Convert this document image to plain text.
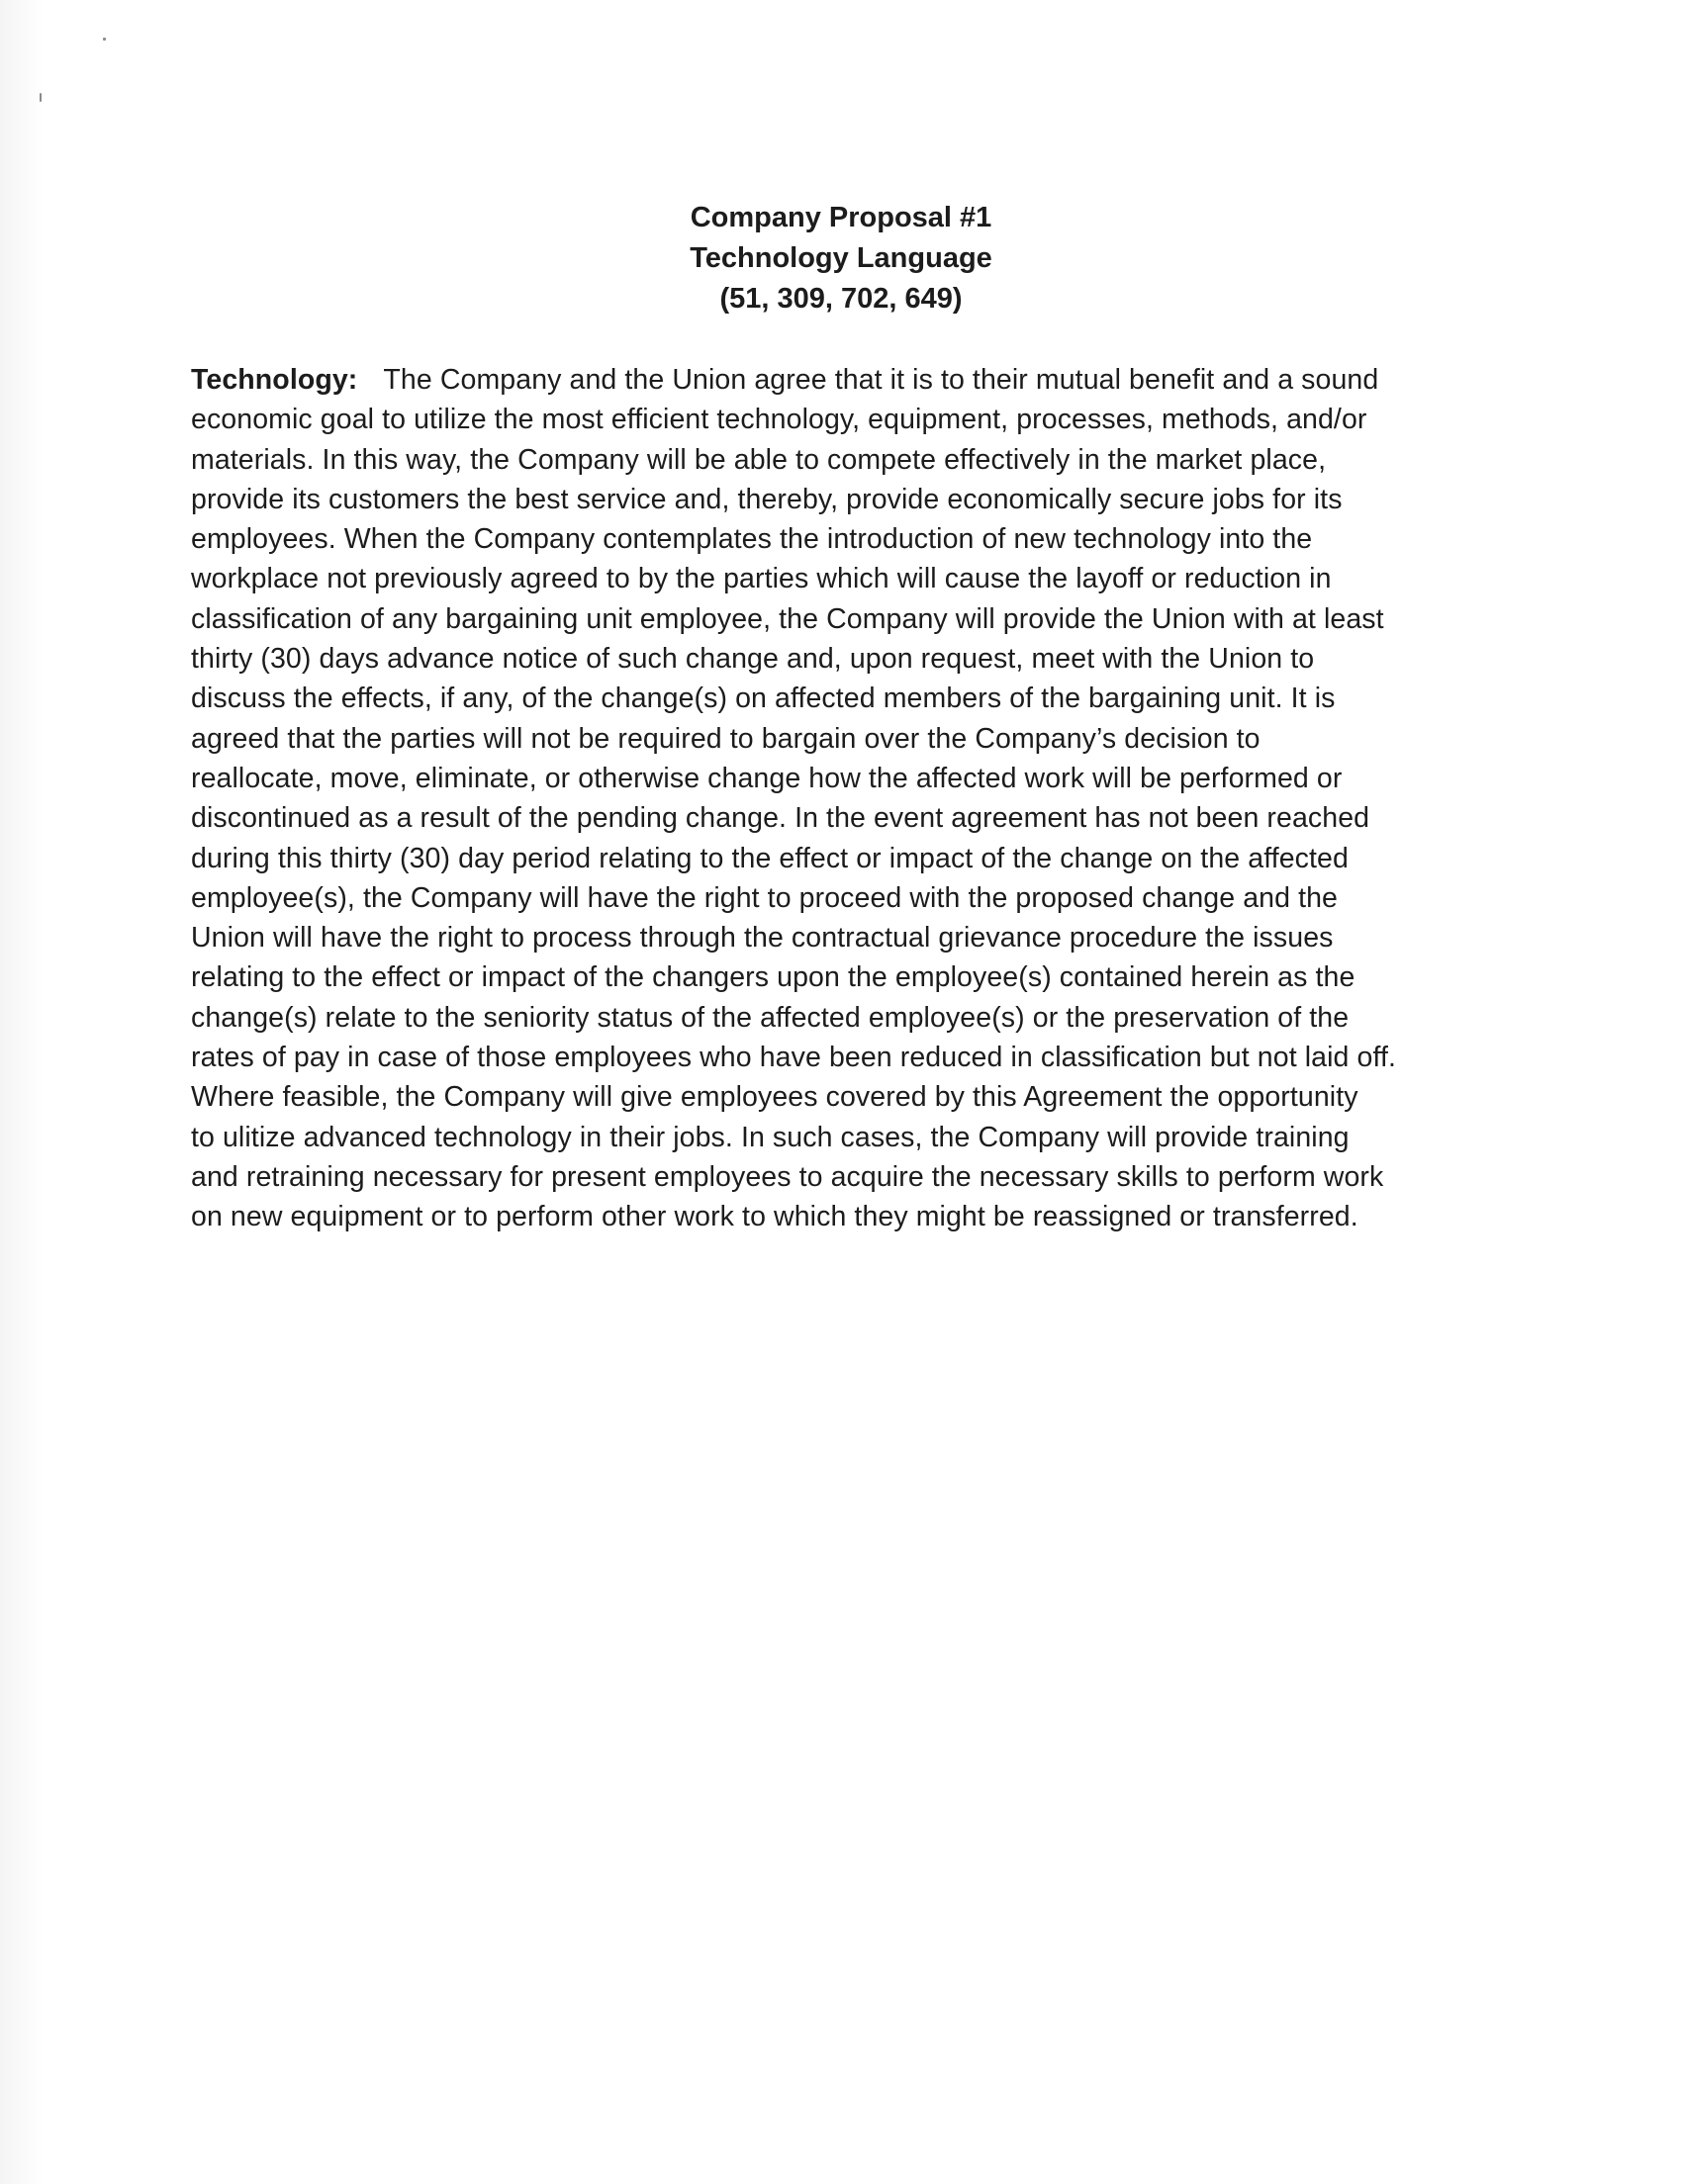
Company Proposal #1
Technology Language
(51, 309, 702, 649)
Technology: The Company and the Union agree that it is to their mutual benefit and a sound
economic goal to utilize the most efficient technology, equipment, processes, methods, and/or
materials. In this way, the Company will be able to compete effectively in the market place,
provide its customers the best service and, thereby, provide economically secure jobs for its
employees. When the Company contemplates the introduction of new technology into the
workplace not previously agreed to by the parties which will cause the layoff or reduction in
classification of any bargaining unit employee, the Company will provide the Union with at least
thirty (30) days advance notice of such change and, upon request, meet with the Union to
discuss the effects, if any, of the change(s) on affected members of the bargaining unit. It is
agreed that the parties will not be required to bargain over the Company’s decision to
reallocate, move, eliminate, or otherwise change how the affected work will be performed or
discontinued as a result of the pending change. In the event agreement has not been reached
during this thirty (30) day period relating to the effect or impact of the change on the affected
employee(s), the Company will have the right to proceed with the proposed change and the
Union will have the right to process through the contractual grievance procedure the issues
relating to the effect or impact of the changers upon the employee(s) contained herein as the
change(s) relate to the seniority status of the affected employee(s) or the preservation of the
rates of pay in case of those employees who have been reduced in classification but not laid off.
Where feasible, the Company will give employees covered by this Agreement the opportunity
to ulitize advanced technology in their jobs. In such cases, the Company will provide training
and retraining necessary for present employees to acquire the necessary skills to perform work
on new equipment or to perform other work to which they might be reassigned or transferred.
